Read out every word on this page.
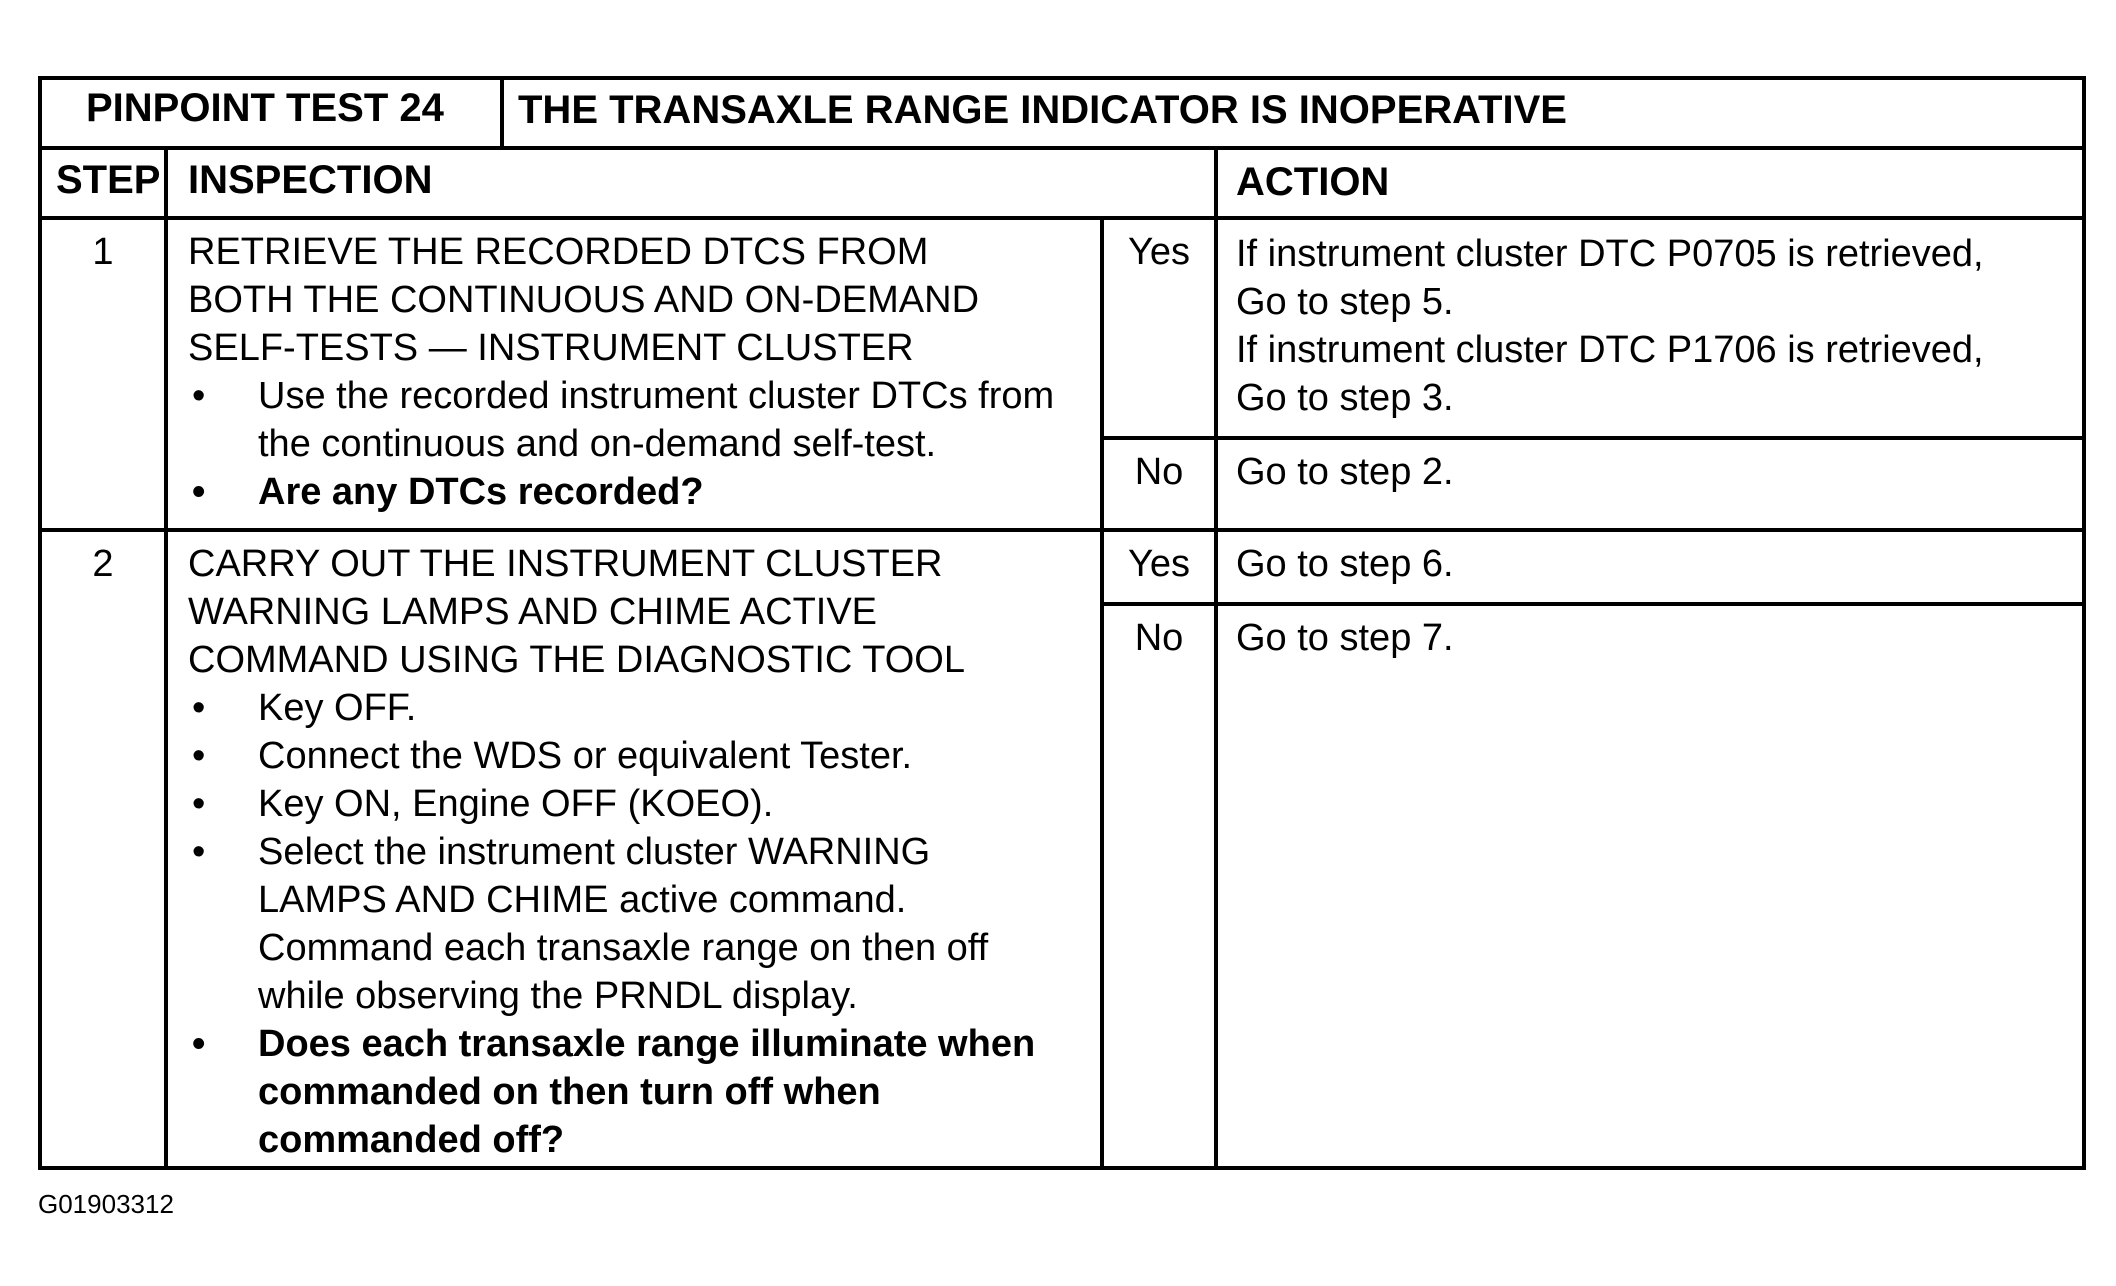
PINPOINT TEST 24	THE TRANSAXLE RANGE INDICATOR IS INOPERATIVE
STEP INSPECTION	ACTION
1	RETRIEVE THE RECORDED DTCS FROM
BOTH THE CONTINUOUS AND ON-DEMAND
SELF-TESTS — INSTRUMENT CLUSTER
• Use the recorded instrument cluster DTCs from the continuous and on-demand self-test.
• Are any DTCs recorded?
Yes	If instrument cluster DTC P0705 is retrieved,
Go to step 5.
If instrument cluster DTC P1706 is retrieved,
Go to step 3.
No	Go to step 2.
2	CARRY OUT THE INSTRUMENT CLUSTER
WARNING LAMPS AND CHIME ACTIVE
COMMAND USING THE DIAGNOSTIC TOOL
• Key OFF.
• Connect the WDS or equivalent Tester.
• Key ON, Engine OFF (KOEO).
• Select the instrument cluster WARNING LAMPS AND CHIME active command. Command each transaxle range on then off while observing the PRNDL display.
• Does each transaxle range illuminate when commanded on then turn off when commanded off?
Yes	Go to step 6.
No	Go to step 7.
G01903312
